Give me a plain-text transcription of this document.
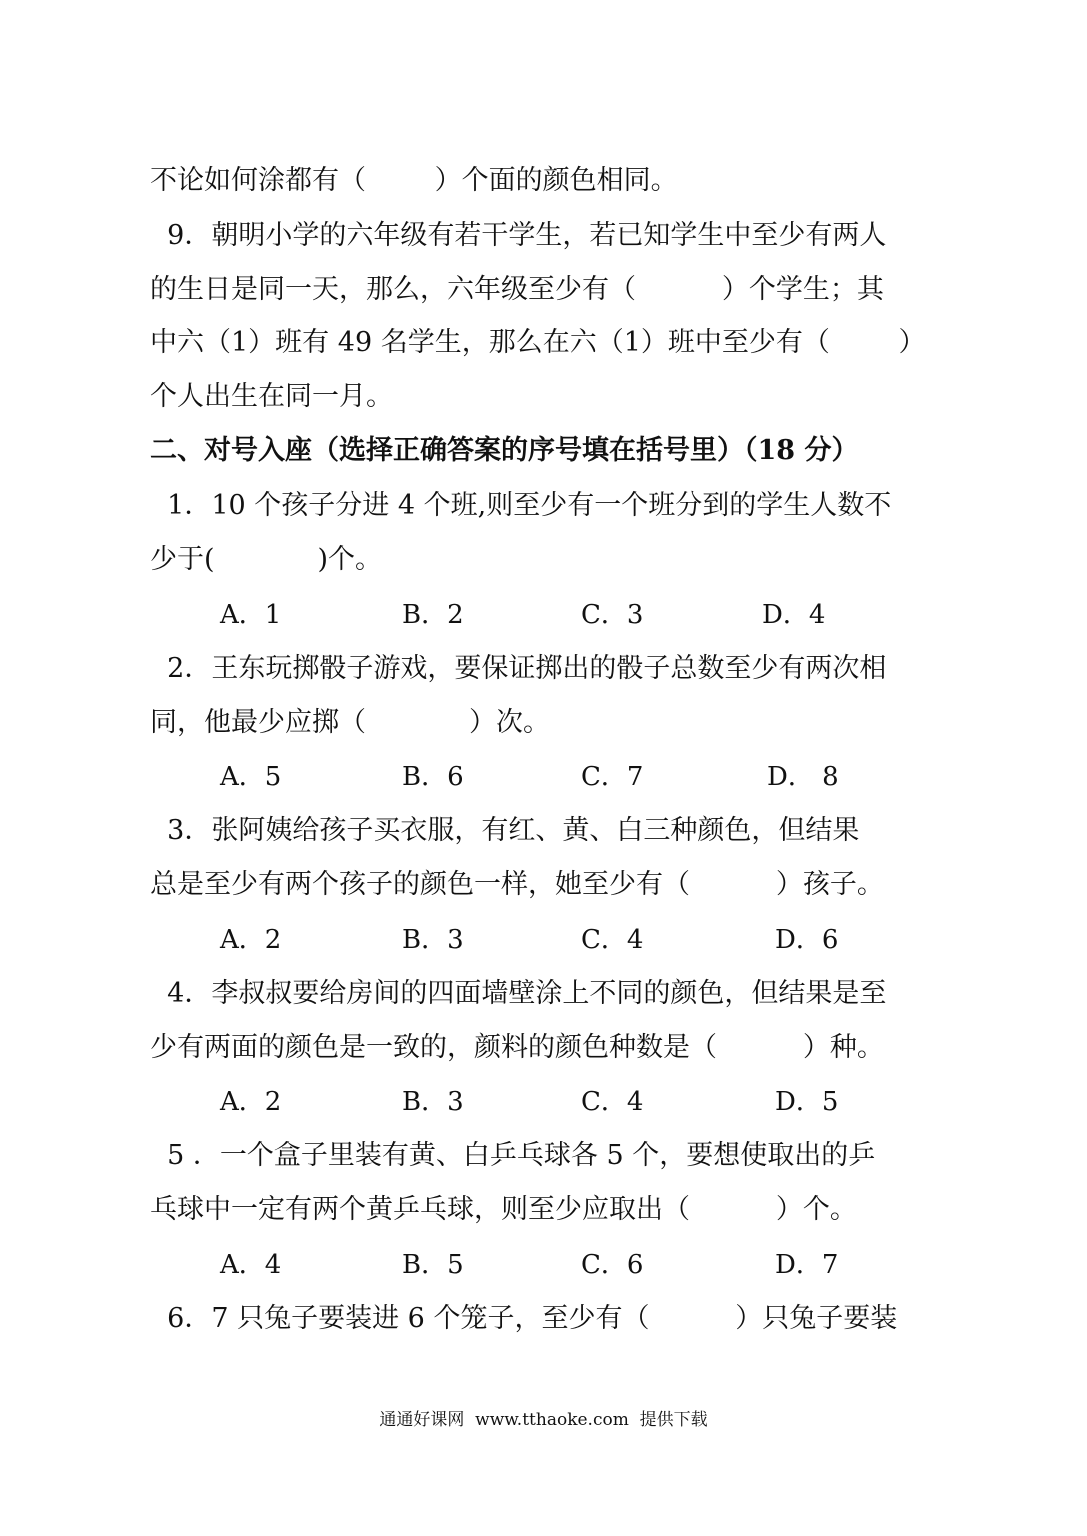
不论如何涂都有（        ）个面的颜色相同。
9．朝明小学的六年级有若干学生，若已知学生中至少有两人
的生日是同一天，那么，六年级至少有（          ）个学生；其
中六（1）班有 49 名学生，那么在六（1）班中至少有（        ）
个人出生在同一月。
二、对号入座（选择正确答案的序号填在括号里）（18 分）
1．10 个孩子分进 4 个班,则至少有一个班分到的学生人数不
少于(            )个。
A．1	B．2	C．3	D．4
2．王东玩掷骰子游戏，要保证掷出的骰子总数至少有两次相
同，他最少应掷（            ）次。
A．5	B．6	C．7	D． 8
3．张阿姨给孩子买衣服，有红、黄、白三种颜色，但结果
总是至少有两个孩子的颜色一样，她至少有（          ）孩子。
A．2	B．3	C．4	D．6
4．李叔叔要给房间的四面墙壁涂上不同的颜色，但结果是至
少有两面的颜色是一致的，颜料的颜色种数是（          ）种。
A．2	B．3	C．4	D．5
5 ．一个盒子里装有黄、白乒乓球各 5 个，要想使取出的乒
乓球中一定有两个黄乒乓球，则至少应取出（          ）个。
A．4	B．5	C．6	D．7
6．7 只兔子要装进 6 个笼子，至少有（          ）只兔子要装
通通好课网  www.tthaoke.com  提供下载
